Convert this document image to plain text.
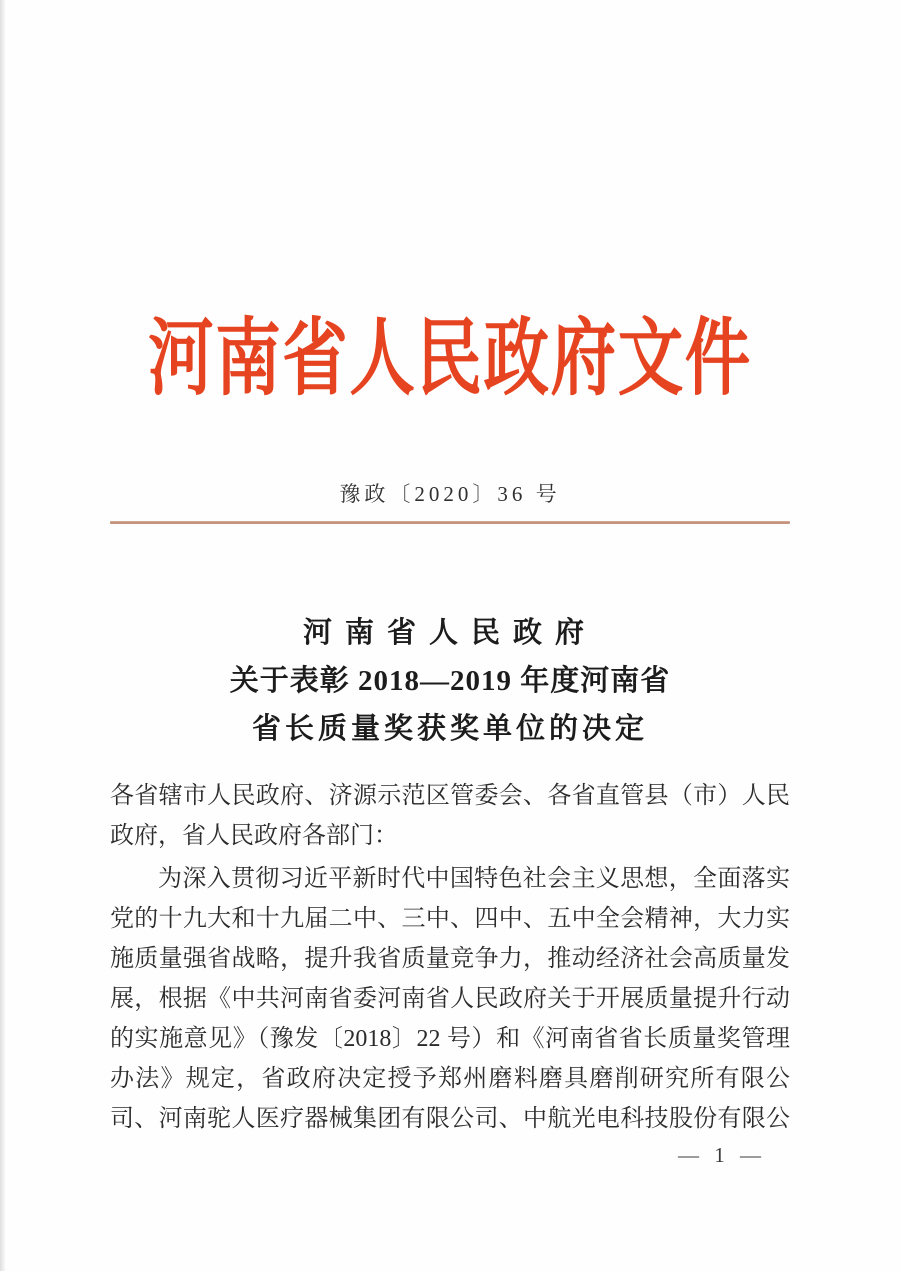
河南省人民政府文件
豫政〔2020〕36 号
河南省人民政府
关于表彰 2018—2019 年度河南省
省长质量奖获奖单位的决定
各省辖市人民政府、济源示范区管委会、各省直管县（市）人民
政府，省人民政府各部门：
为深入贯彻习近平新时代中国特色社会主义思想，全面落实
党的十九大和十九届二中、三中、四中、五中全会精神，大力实
施质量强省战略，提升我省质量竞争力，推动经济社会高质量发
展，根据《中共河南省委河南省人民政府关于开展质量提升行动
的实施意见》（豫发〔2018〕22 号）和《河南省省长质量奖管理
办法》规定，省政府决定授予郑州磨料磨具磨削研究所有限公
司、河南驼人医疗器械集团有限公司、中航光电科技股份有限公
— 1 —
